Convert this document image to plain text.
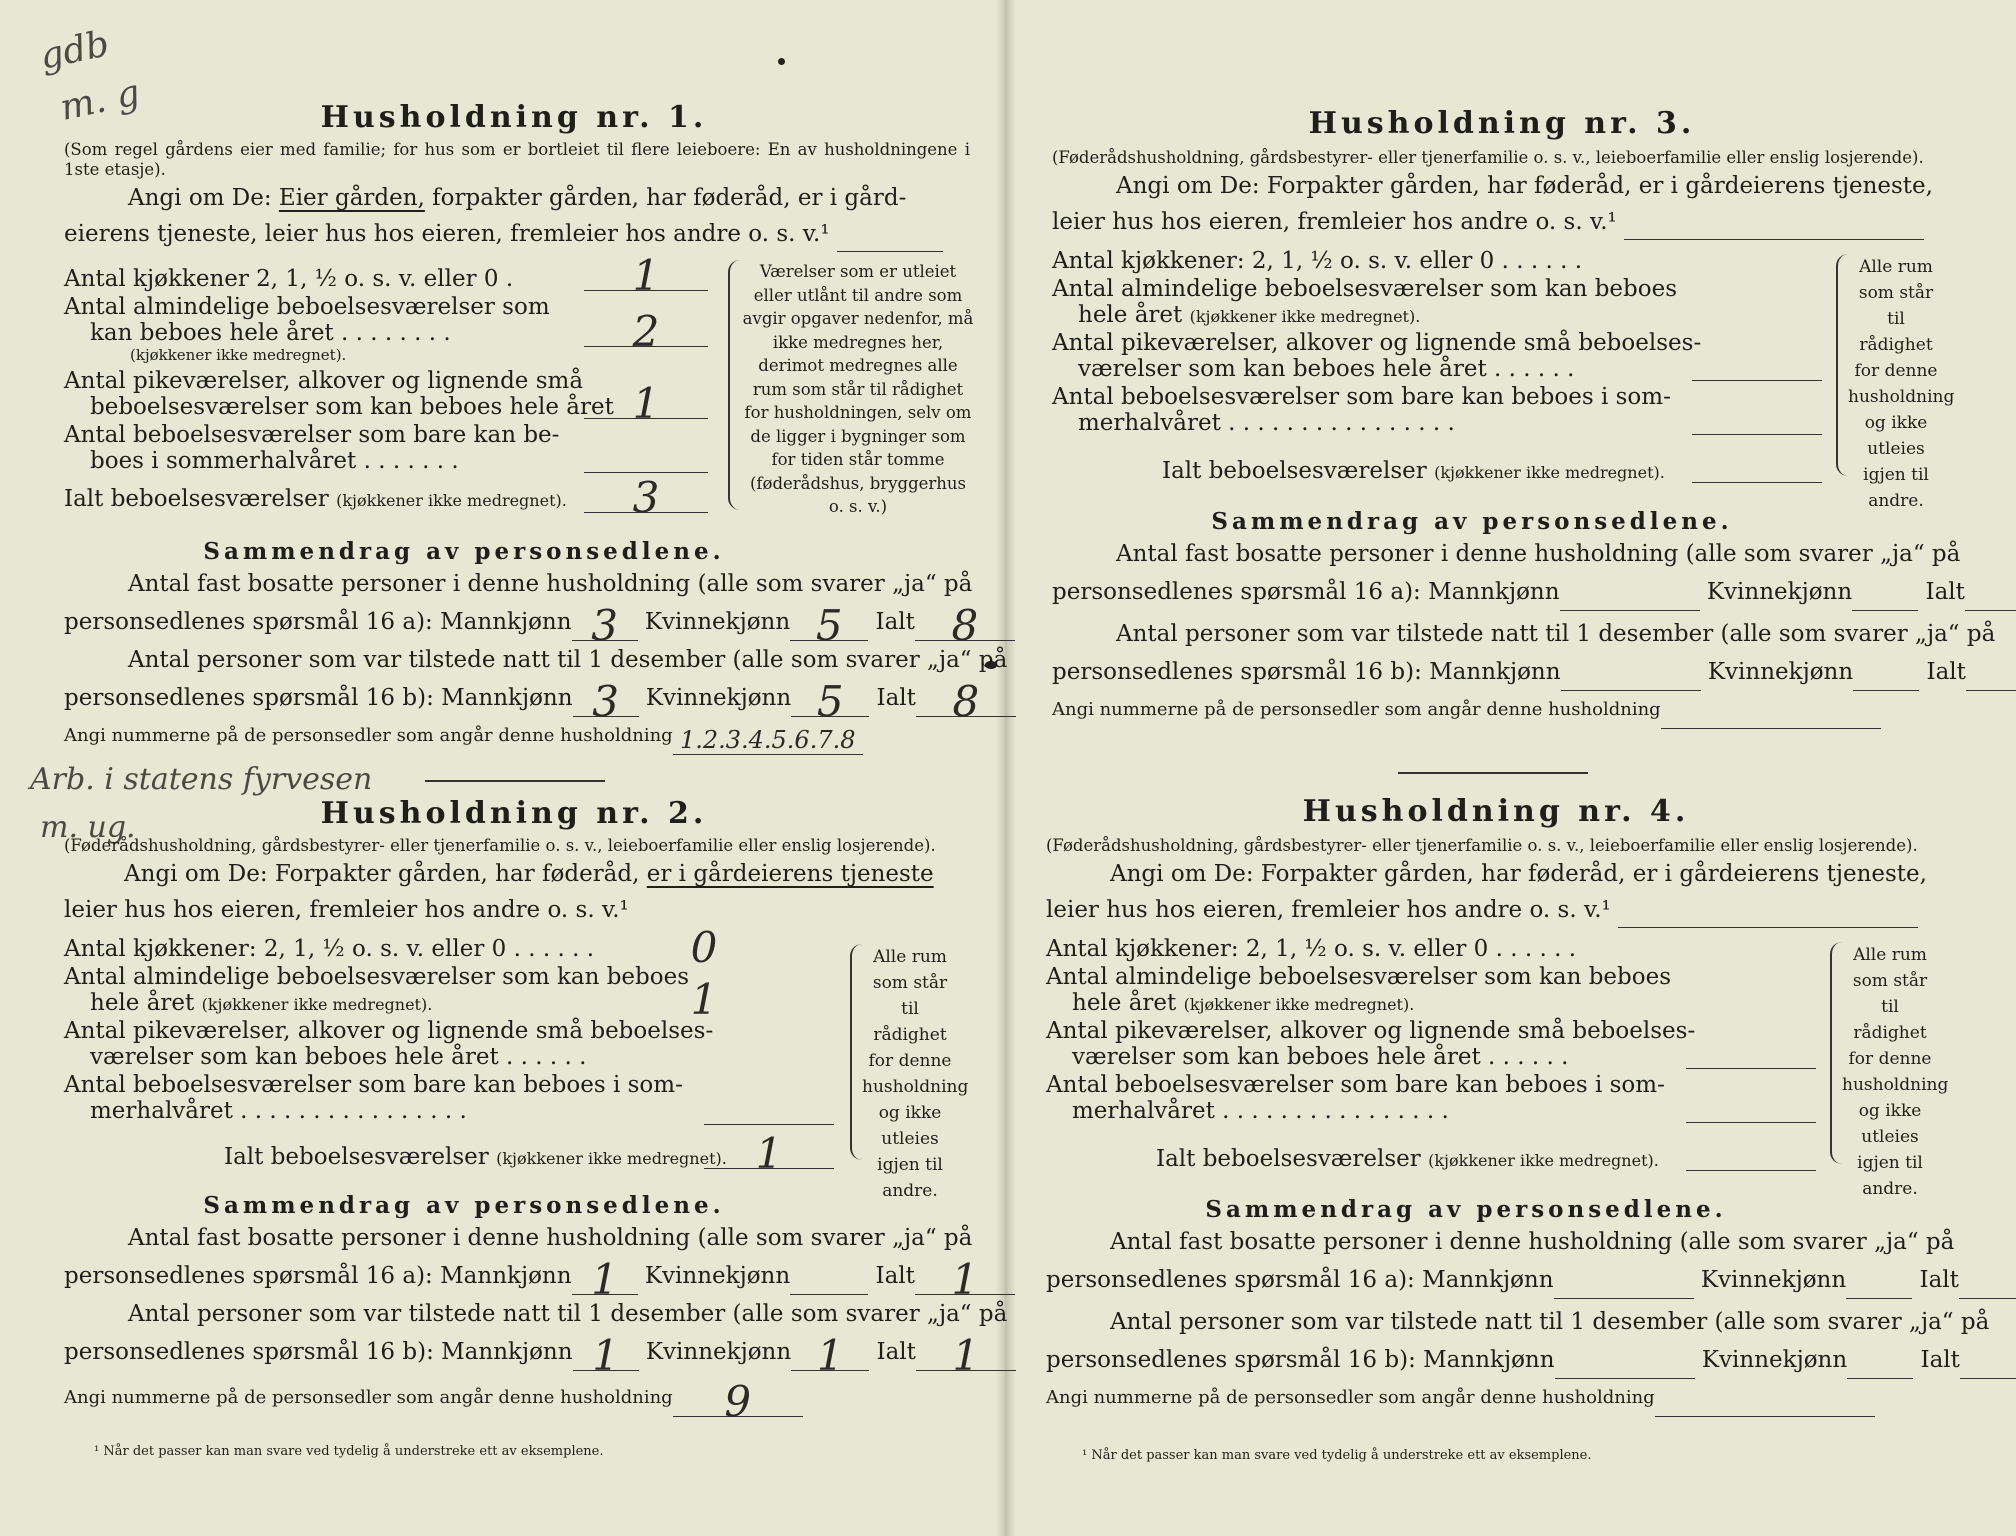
gdb
m. g
Arb. i statens fyrvesen
m. ug.
Husholdning nr. 1.
(Som regel gårdens eier med familie; for hus som er bortleiet til flere leieboere: En av husholdningene i 1ste etasje).
Angi om De: Eier gården, forpakter gården, har føderåd, er i gård-
eierens tjeneste, leier hus hos eieren, fremleier hos andre o. s. v.¹
Antal kjøkkener 2, 1, ½ o. s. v. eller 0 .	1
Antal almindelige beboelsesværelser som
kan beboes hele året . . . . . . . .
(kjøkkener ikke medregnet).	2
Antal pikeværelser, alkover og lignende små
beboelsesværelser som kan beboes hele året 1
Antal beboelsesværelser som bare kan be-
boes i sommerhalvåret . . . . . . .
Ialt beboelsesværelser (kjøkkener ikke medregnet). 3
Værelser som er utleiet eller utlånt til andre som avgir opgaver nedenfor, må ikke medregnes her, derimot medregnes alle rum som står til rådighet for husholdningen, selv om de ligger i bygninger som for tiden står tomme (føderådshus, bryggerhus o. s. v.)
Sammendrag av personsedlene.
Antal fast bosatte personer i denne husholdning (alle som svarer „ja“ på
personsedlenes spørsmål 16 a): Mannkjønn 3 Kvinnekjønn 5 Ialt 8
Antal personer som var tilstede natt til 1 desember (alle som svarer „ja“ på
personsedlenes spørsmål 16 b): Mannkjønn 3 Kvinnekjønn 5 Ialt 8
Angi nummerne på de personsedler som angår denne husholdning 1.2.3.4.5.6.7.8
Husholdning nr. 2.
(Føderådshusholdning, gårdsbestyrer- eller tjenerfamilie o. s. v., leieboerfamilie eller enslig losjerende).
Angi om De: Forpakter gården, har føderåd, er i gårdeierens tjeneste
leier hus hos eieren, fremleier hos andre o. s. v.¹
Antal kjøkkener: 2, 1, ½ o. s. v. eller 0 . . . . . . 0
Antal almindelige beboelsesværelser som kan beboes
hele året (kjøkkener ikke medregnet).	1
Antal pikeværelser, alkover og lignende små beboelses-
værelser som kan beboes hele året . . . . . .
Antal beboelsesværelser som bare kan beboes i som-
merhalvåret . . . . . . . . . . . . . . . .
Ialt beboelsesværelser (kjøkkener ikke medregnet). 1
Alle rum som står til rådighet for denne husholdning og ikke utleies igjen til andre.
Sammendrag av personsedlene.
Antal fast bosatte personer i denne husholdning (alle som svarer „ja“ på
personsedlenes spørsmål 16 a): Mannkjønn 1 Kvinnekjønn	Ialt 1
Antal personer som var tilstede natt til 1 desember (alle som svarer „ja“ på
personsedlenes spørsmål 16 b): Mannkjønn 1 Kvinnekjønn 1 Ialt 1
Angi nummerne på de personsedler som angår denne husholdning 9
¹ Når det passer kan man svare ved tydelig å understreke ett av eksemplene.
Husholdning nr. 3.
(Føderådshusholdning, gårdsbestyrer- eller tjenerfamilie o. s. v., leieboerfamilie eller enslig losjerende).
Angi om De: Forpakter gården, har føderåd, er i gårdeierens tjeneste,
leier hus hos eieren, fremleier hos andre o. s. v.¹
Antal kjøkkener: 2, 1, ½ o. s. v. eller 0 . . . . . .
Antal almindelige beboelsesværelser som kan beboes
hele året (kjøkkener ikke medregnet).
Antal pikeværelser, alkover og lignende små beboelses-
værelser som kan beboes hele året . . . . . .
Antal beboelsesværelser som bare kan beboes i som-
merhalvåret . . . . . . . . . . . . . . . .
Ialt beboelsesværelser (kjøkkener ikke medregnet).
Alle rum som står til rådighet for denne husholdning og ikke utleies igjen til andre.
Sammendrag av personsedlene.
Antal fast bosatte personer i denne husholdning (alle som svarer „ja“ på
personsedlenes spørsmål 16 a): Mannkjønn	Kvinnekjønn	Ialt
Antal personer som var tilstede natt til 1 desember (alle som svarer „ja“ på
personsedlenes spørsmål 16 b): Mannkjønn	Kvinnekjønn	Ialt
Angi nummerne på de personsedler som angår denne husholdning
Husholdning nr. 4.
(Føderådshusholdning, gårdsbestyrer- eller tjenerfamilie o. s. v., leieboerfamilie eller enslig losjerende).
Angi om De: Forpakter gården, har føderåd, er i gårdeierens tjeneste,
leier hus hos eieren, fremleier hos andre o. s. v.¹
Antal kjøkkener: 2, 1, ½ o. s. v. eller 0 . . . . . .
Antal almindelige beboelsesværelser som kan beboes
hele året (kjøkkener ikke medregnet).
Antal pikeværelser, alkover og lignende små beboelses-
værelser som kan beboes hele året . . . . . .
Antal beboelsesværelser som bare kan beboes i som-
merhalvåret . . . . . . . . . . . . . . . .
Ialt beboelsesværelser (kjøkkener ikke medregnet).
Alle rum som står til rådighet for denne husholdning og ikke utleies igjen til andre.
Sammendrag av personsedlene.
Antal fast bosatte personer i denne husholdning (alle som svarer „ja“ på
personsedlenes spørsmål 16 a): Mannkjønn	Kvinnekjønn	Ialt
Antal personer som var tilstede natt til 1 desember (alle som svarer „ja“ på
personsedlenes spørsmål 16 b): Mannkjønn	Kvinnekjønn	Ialt
Angi nummerne på de personsedler som angår denne husholdning
¹ Når det passer kan man svare ved tydelig å understreke ett av eksemplene.
